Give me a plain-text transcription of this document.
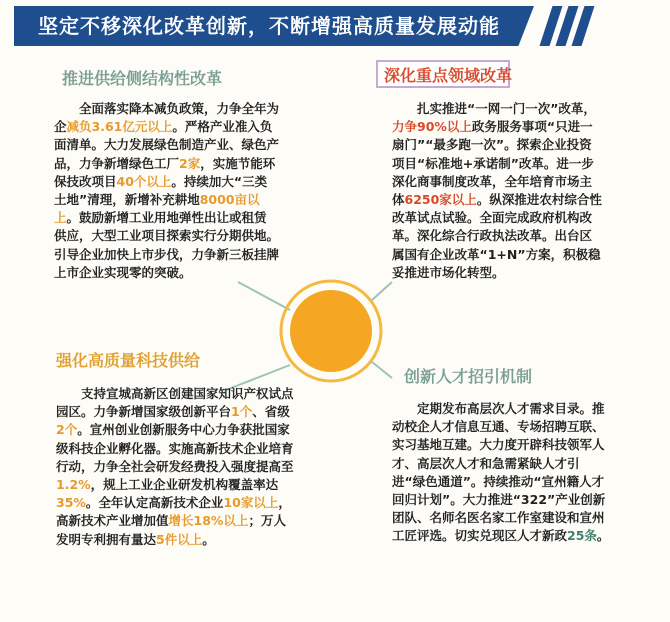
坚定不移深化改革创新，不断增强高质量发展动能
推进供给侧结构性改革

全面落实降本减负政策，力争全年为企减负3.61亿元以上。严格产业准入负面清单。大力发展绿色制造产业、绿色产品，力争新增绿色工厂2家，实施节能环保技改项目40个以上。持续加大“三类土地”清理，新增补充耕地8000亩以上。鼓励新增工业用地弹性出让或租赁供应，大型工业项目探索实行分期供地。引导企业加快上市步伐，力争新三板挂牌上市企业实现零的突破。

深化重点领域改革

扎实推进“一网一门一次”改革，力争90%以上政务服务事项“只进一扇门”“最多跑一次”。探索企业投资项目“标准地+承诺制”改革。进一步深化商事制度改革，全年培育市场主体6250家以上。纵深推进农村综合性改革试点试验。全面完成政府机构改革。深化综合行政执法改革。出台区属国有企业改革“1+N”方案，积极稳妥推进市场化转型。

强化高质量科技供给

支持宣城高新区创建国家知识产权试点园区。力争新增国家级创新平台1个、省级2个。宣州创业创新服务中心力争获批国家级科技企业孵化器。实施高新技术企业培育行动，力争全社会研发经费投入强度提高至1.2%，规上工业企业研发机构覆盖率达35%。全年认定高新技术企业10家以上，高新技术产业增加值增长18%以上；万人发明专利拥有量达5件以上。

创新人才招引机制

定期发布高层次人才需求目录。推动校企人才信息互通、专场招聘互联、实习基地互建。大力度开辟科技领军人才、高层次人才和急需紧缺人才引进“绿色通道”。持续推动“宣州籍人才回归计划”。大力推进“322”产业创新团队、名师名医名家工作室建设和宣州工匠评选。切实兑现区人才新政25条。
